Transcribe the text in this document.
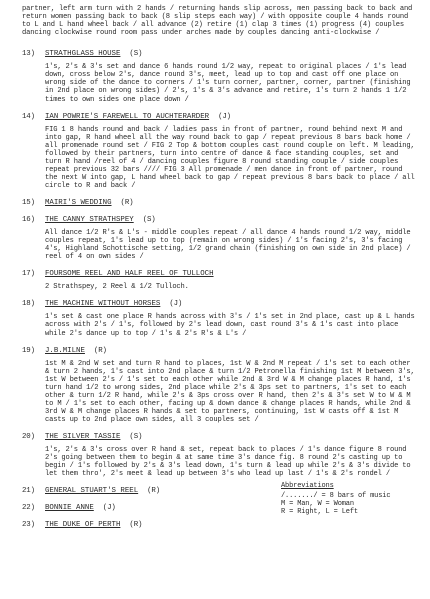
partner, left arm turn with 2 hands / returning hands slip across, men passing back to back and return women passing back to back (8 slip steps each way) / with opposite couple 4 hands round to L and L hand wheel back / all advance (2) retire (1) clap 3 times (1) progress (4) couples dancing clockwise round room pass under arches made by couples dancing anti-clockwise /

13)	STRATHGLASS HOUSE (S)

1's, 2's & 3's set and dance 6 hands round 1/2 way, repeat to original places / 1's lead down, cross below 2's, dance round 3's, meet, lead up to top and cast off one place on wrong side of the dance to corners / 1's turn corner, partner, corner, partner (finishing in 2nd place on wrong sides) / 2's, 1's & 3's advance and retire, 1's turn 2 hands 1 1/2 times to own sides one place down /

14)	IAN POWRIE'S FAREWELL TO AUCHTERARDER (J)

FIG 1 8 hands round and back / ladies pass in front of partner, round behind next M and into gap, R hand wheel all the way round back to gap / repeat previous 8 bars back home / all promenade round set / FIG 2 Top & bottom couples cast round couple on left. M leading, followed by their partners, turn into centre of dance & face standing couples, set and turn R hand /reel of 4 / dancing couples figure 8 round standing couple / side couples repeat previous 32 bars //// FIG 3 All promenade / men dance in front of partner, round the next W into gap, L hand wheel back to gap / repeat previous 8 bars back to place / all circle to R and back /

15)	MAIRI'S WEDDING (R)
16)	THE CANNY STRATHSPEY (S)

All dance 1/2 R's & L's - middle couples repeat / all dance 4 hands round 1/2 way, middle couples repeat, 1's lead up to top (remain on wrong sides) / 1's facing 2's, 3's facing 4's, Highland Schottische setting, 1/2 grand chain (finishing on own side in 2nd place) / reel of 4 on own sides /

17)	FOURSOME REEL AND HALF REEL OF TULLOCH

2 Strathspey, 2 Reel & 1/2 Tulloch.

18)	THE MACHINE WITHOUT HORSES (J)

1's set & cast one place R hands across with 3's / 1's set in 2nd place, cast up & L hands across with 2's / 1's, followed by 2's lead down, cast round 3's & 1's cast into place while 2's dance up to top / 1's & 2's R's & L's /

19)	J.B.MILNE (R)

1st M & 2nd W set and turn R hand to places, 1st W & 2nd M repeat / 1's set to each other & turn 2 hands, 1's cast into 2nd place & turn 1/2 Petronella finishing 1st M between 3's, 1st W between 2's / 1's set to each other while 2nd & 3rd W & M change places R hand, 1's turn hand 1/2 to wrong sides, 2nd place while 2's & 3ps set to partners, 1's set to each other & turn 1/2 R hand, while 2's & 3ps cross over R hand, then 2's & 3's set W to W & M to M / 1's set to each other, facing up & down dance & change places R hands, while 2nd & 3rd W & M change places R hands & set to partners, continuing, 1st W casts off & 1st M casts up to 2nd place own sides, all 3 couples set /

20)	THE SILVER TASSIE (S)

1's, 2's & 3's cross over R hand & set, repeat back to places / 1's dance figure 8 round 2's going between them to begin & at same time 3's dance fig. 8 round 2's casting up to begin / 1's followed by 2's & 3's lead down, 1's turn & lead up while 2's & 3's divide to let them thro', 2's meet & lead up between 3's who lead up last / 1's & 2's rondel /

21)	GENERAL STUART'S REEL (R)
22)	BONNIE ANNE (J)
23)	THE DUKE OF PERTH (R)
Abbreviations
/......./ = 8 bars of music
M = Man, W = Woman
R = Right, L = Left
